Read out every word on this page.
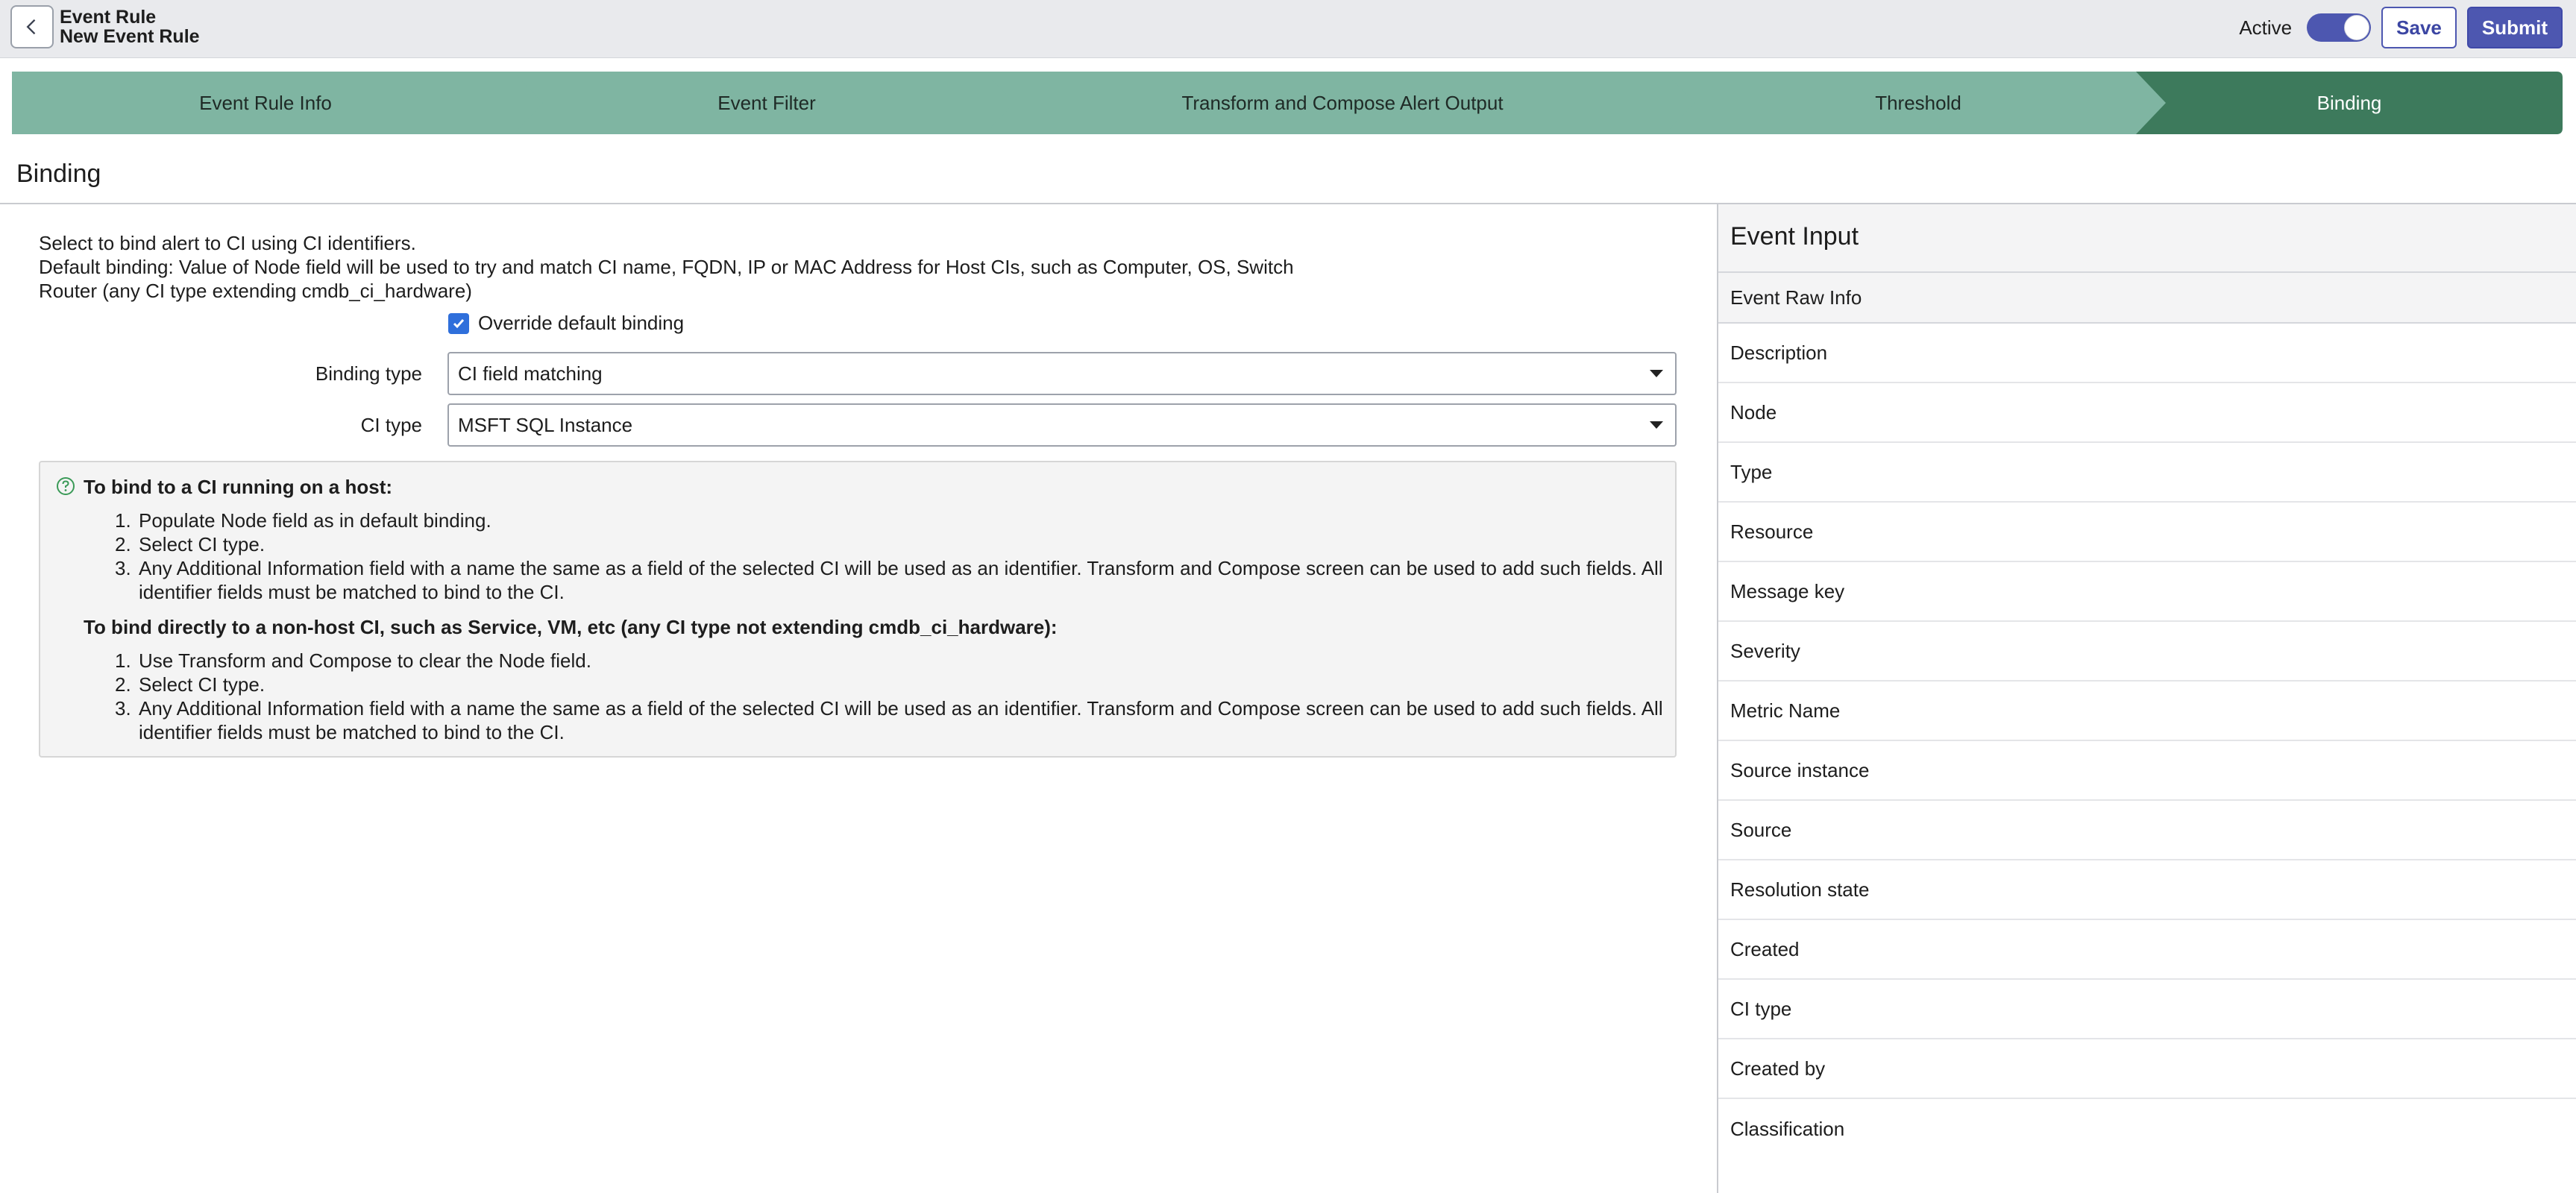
Event Rule
New Event Rule	Active	Save	Submit
Event Rule Info	Event Filter	Transform and Compose Alert Output	Threshold	Binding
Binding
Select to bind alert to CI using CI identifiers.
Default binding: Value of Node field will be used to try and match CI name, FQDN, IP or MAC Address for Host CIs, such as Computer, OS, Switch
Router (any CI type extending cmdb_ci_hardware)
Override default binding
Binding type CI field matching
CI type MSFT SQL Instance
To bind to a CI running on a host:
1. Populate Node field as in default binding.
2. Select CI type.
3. Any Additional Information field with a name the same as a field of the selected CI will be used as an identifier. Transform and Compose screen can be used to add such fields. All identifier fields must be matched to bind to the CI.
To bind directly to a non-host CI, such as Service, VM, etc (any CI type not extending cmdb_ci_hardware):
1. Use Transform and Compose to clear the Node field.
2. Select CI type.
3. Any Additional Information field with a name the same as a field of the selected CI will be used as an identifier. Transform and Compose screen can be used to add such fields. All identifier fields must be matched to bind to the CI.
Event Input
Event Raw Info
Description
Node
Type
Resource
Message key
Severity
Metric Name
Source instance
Source
Resolution state
Created
CI type
Created by
Classification
